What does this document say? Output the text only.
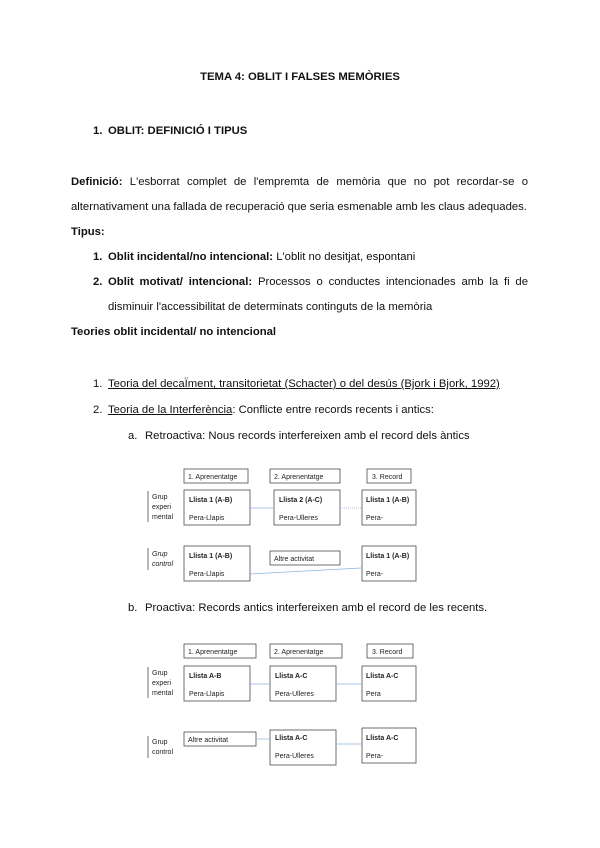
TEMA 4: OBLIT I FALSES MEMÒRIES
1. OBLIT: DEFINICIÓ I TIPUS
Definició: L'esborrat complet de l'empremta de memòria que no pot recordar-se o
alternativament una fallada de recuperació que seria esmenable amb les claus adequades.
Tipus:
1. Oblit incidental/no intencional: L'oblit no desitjat, espontani
2. Oblit motivat/ intencional: Processos o conductes intencionades amb la fi de
disminuir l'accessibilitat de determinats continguts de la memòria
Teories oblit incidental/ no intencional
1. Teoria del decaÏment, transitorietat (Schacter) o del desús (Bjork i Bjork, 1992)
2. Teoria de la Interferència: Conflicte entre records recents i antics:
a. Retroactiva: Nous records interfereixen amb el record dels àntics
1. Aprenentatge	2. Aprenentatge	3. Record
Grup
experi
mental
Llista 1 (A-B)
Pera-Llapis
Llista 2 (A-C)
Pera-Ulleres
Llista 1 (A-B)
Pera-
Grup
control
Llista 1 (A-B)
Pera-Llapis
Altre activitat	Llista 1 (A-B)
Pera-
b. Proactiva: Records antics interfereixen amb el record de les recents.
1. Aprenentatge	2. Aprenentatge	3. Record
Grup
experi
mental
Llista A-B
Pera-Llapis
Llista A-C
Pera-Ulleres
Llista A-C
Pera
Grup
control
Altre activitat	Llista A-C
Pera-Ulleres
Llista A-C
Pera-
